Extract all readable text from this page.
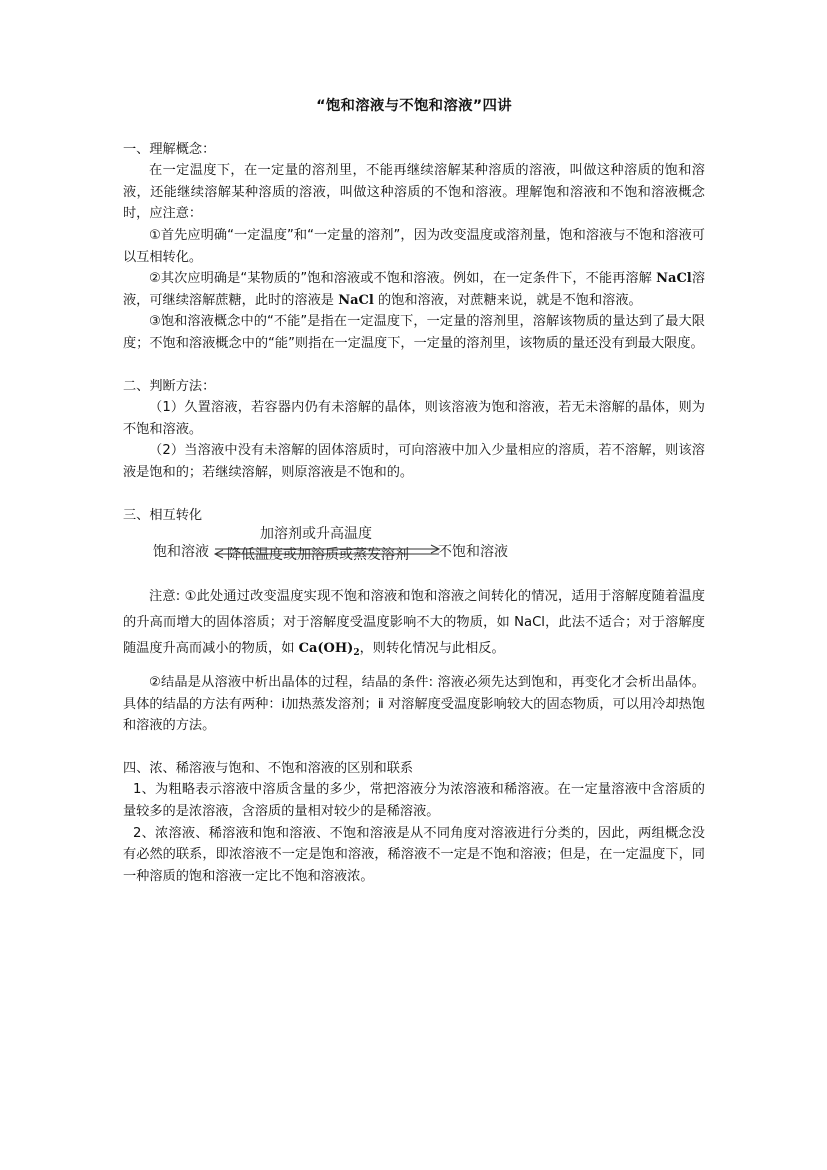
“饱和溶液与不饱和溶液”四讲

一、理解概念：

在一定温度下，在一定量的溶剂里，不能再继续溶解某种溶质的溶液，叫做这种溶质的饱和溶液，还能继续溶解某种溶质的溶液，叫做这种溶质的不饱和溶液。理解饱和溶液和不饱和溶液概念时，应注意：

①首先应明确“一定温度”和“一定量的溶剂”，因为改变温度或溶剂量，饱和溶液与不饱和溶液可以互相转化。

②其次应明确是“某物质的”饱和溶液或不饱和溶液。例如，在一定条件下，不能再溶解 NaCl溶液，可继续溶解蔗糖，此时的溶液是 NaCl 的饱和溶液，对蔗糖来说，就是不饱和溶液。

③饱和溶液概念中的“不能”是指在一定温度下，一定量的溶剂里，溶解该物质的量达到了最大限度；不饱和溶液概念中的“能”则指在一定温度下，一定量的溶剂里，该物质的量还没有到最大限度。

二、判断方法：

（1）久置溶液，若容器内仍有未溶解的晶体，则该溶液为饱和溶液，若无未溶解的晶体，则为不饱和溶液。

（2）当溶液中没有未溶解的固体溶质时，可向溶液中加入少量相应的溶质，若不溶解，则该溶液是饱和的；若继续溶解，则原溶液是不饱和的。

三、相互转化

饱和溶液
加溶剂或升高温度
降低温度或加溶质或蒸发溶剂 不饱和溶液

注意: ①此处通过改变温度实现不饱和溶液和饱和溶液之间转化的情况，适用于溶解度随着温度的升高而增大的固体溶质；对于溶解度受温度影响不大的物质，如 NaCl，此法不适合；对于溶解度随温度升高而减小的物质，如 $Ca(OH)_2$，则转化情况与此相反。

②结晶是从溶液中析出晶体的过程，结晶的条件: 溶液必须先达到饱和，再变化才会析出晶体。具体的结晶的方法有两种：ⅰ加热蒸发溶剂；ⅱ 对溶解度受温度影响较大的固态物质，可以用冷却热饱和溶液的方法。

四、浓、稀溶液与饱和、不饱和溶液的区别和联系

1、为粗略表示溶液中溶质含量的多少，常把溶液分为浓溶液和稀溶液。在一定量溶液中含溶质的量较多的是浓溶液，含溶质的量相对较少的是稀溶液。

2、浓溶液、稀溶液和饱和溶液、不饱和溶液是从不同角度对溶液进行分类的，因此，两组概念没有必然的联系，即浓溶液不一定是饱和溶液，稀溶液不一定是不饱和溶液；但是，在一定温度下，同一种溶质的饱和溶液一定比不饱和溶液浓。
